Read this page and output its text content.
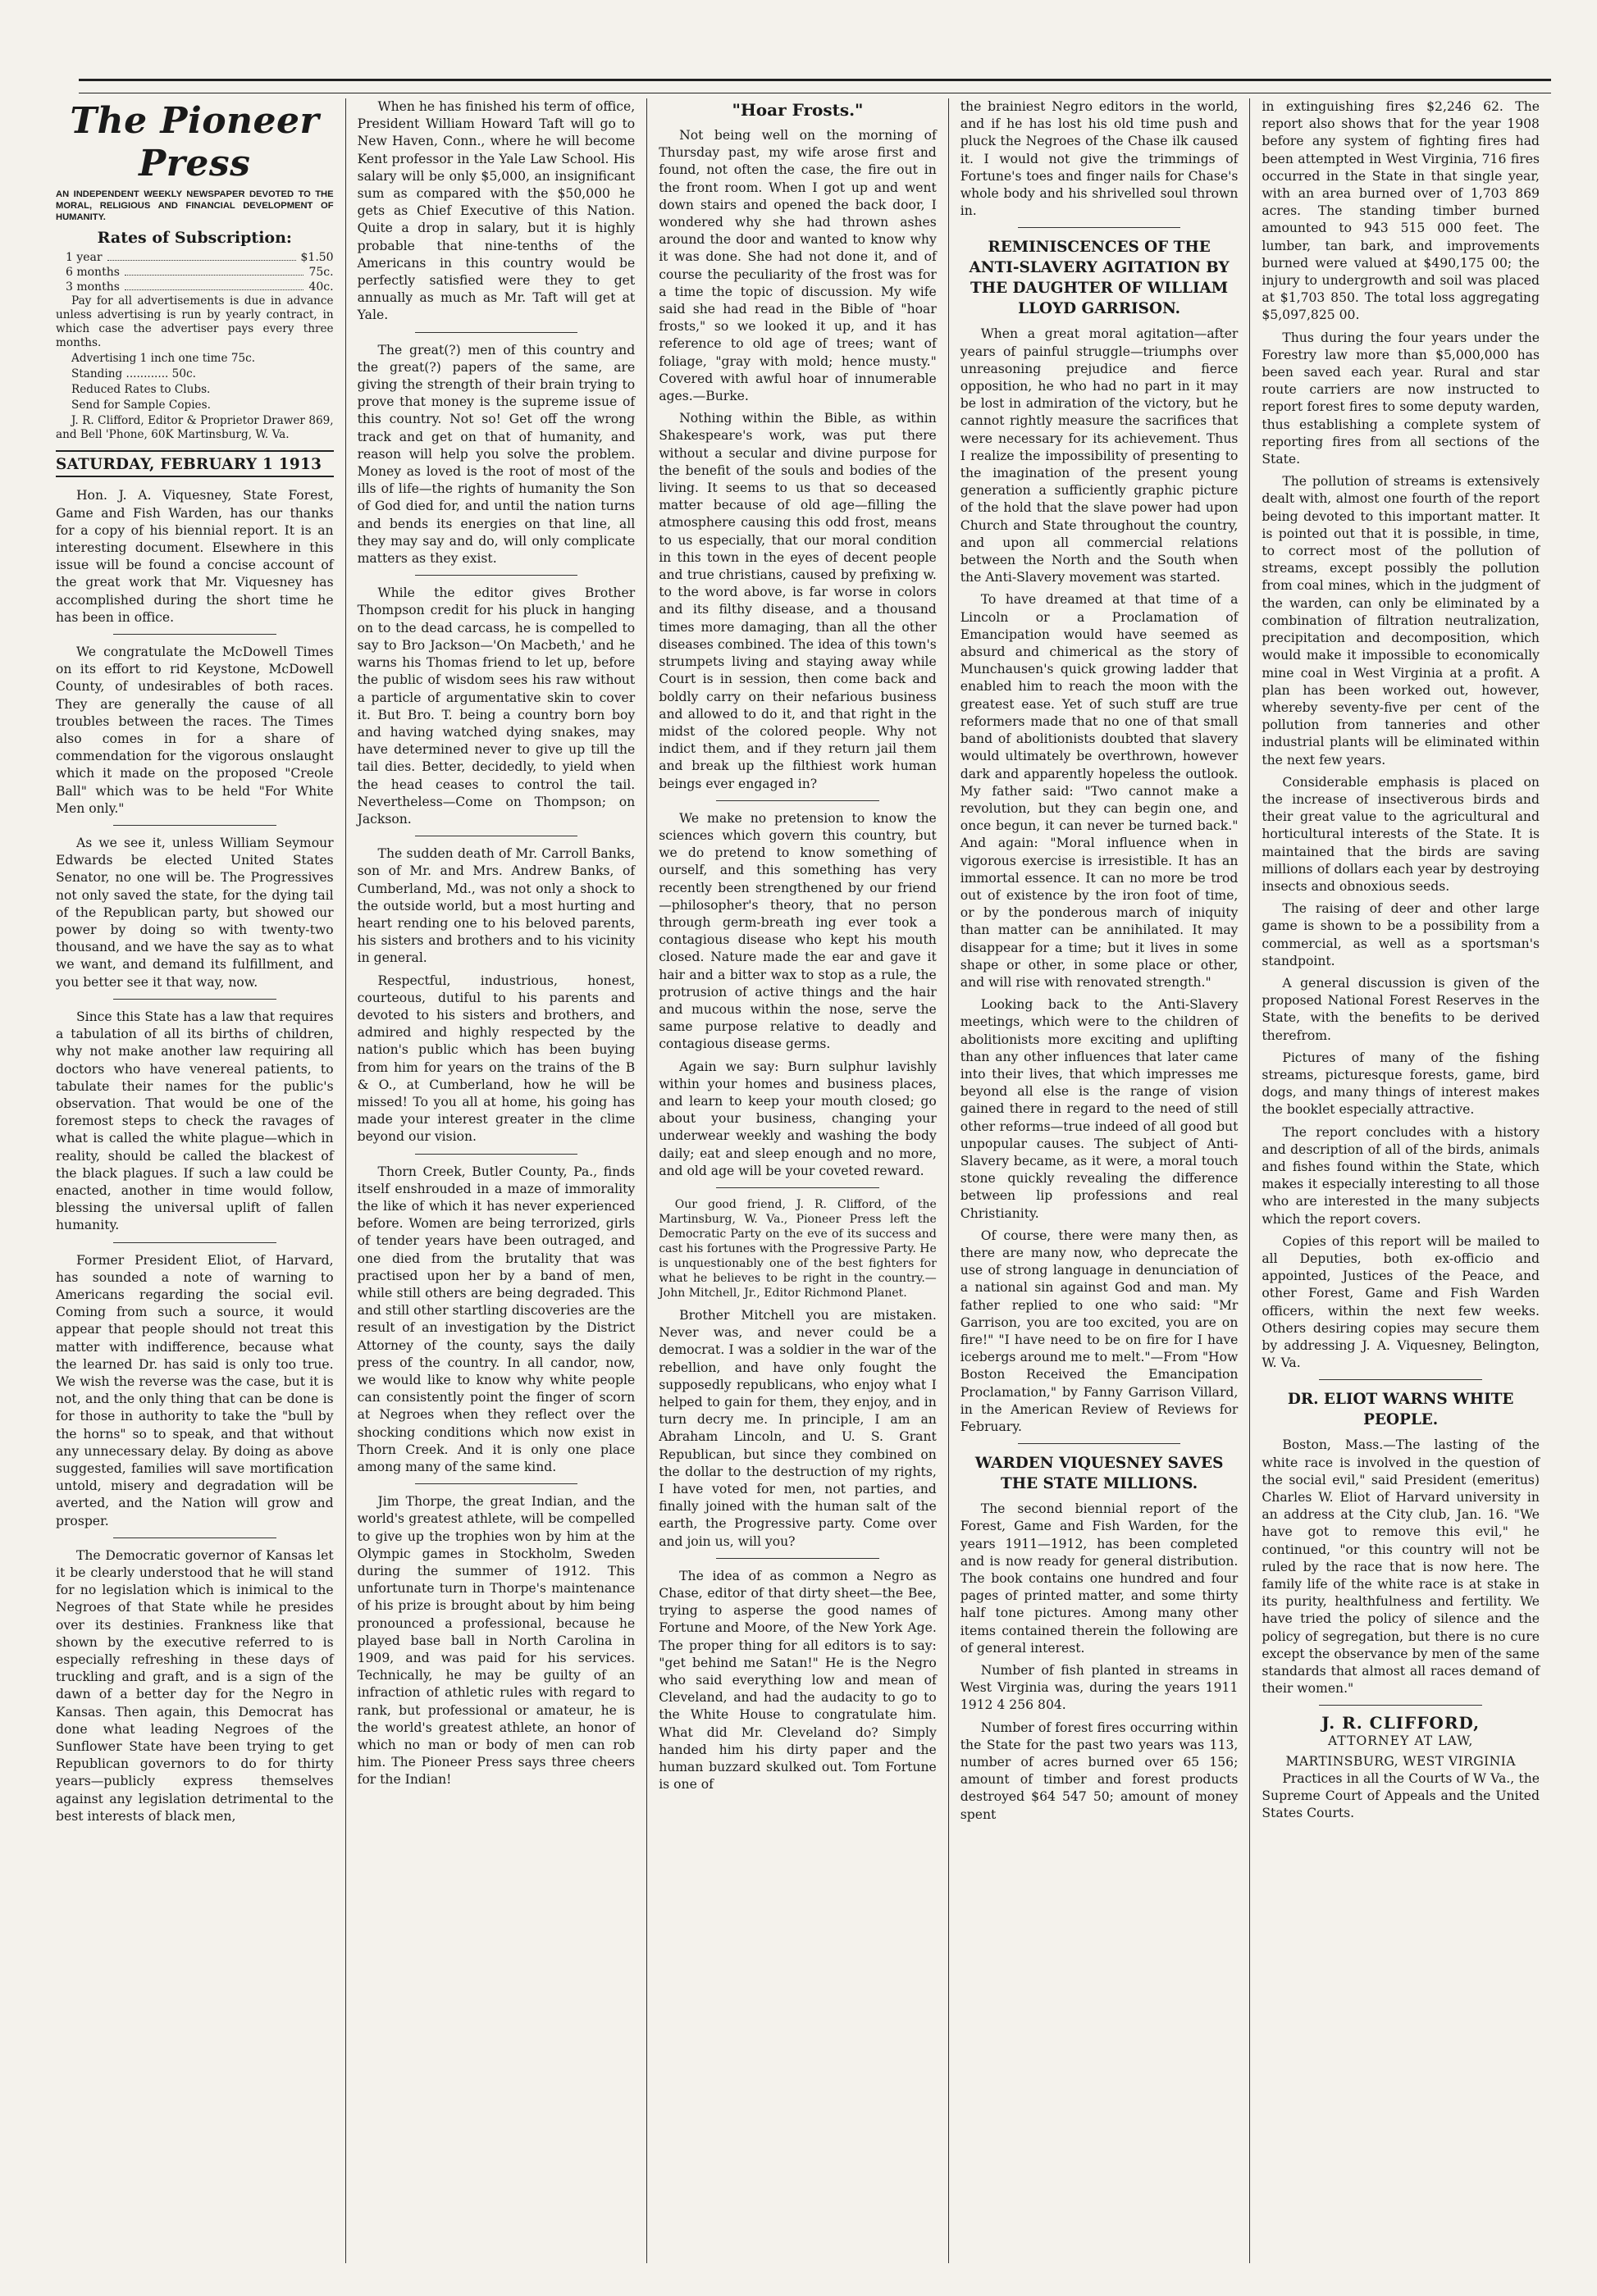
The Pioneer Press
AN INDEPENDENT WEEKLY NEWSPAPER DEVOTED TO THE MORAL, RELIGIOUS AND FINANCIAL DEVELOPMENT OF HUMANITY.
Rates of Subscription:
1 year	$1.50
6 months	75c.
3 months	40c.

Pay for all advertisements is due in advance unless advertising is run by yearly contract, in which case the advertiser pays every three months.

Advertising 1 inch one time 75c.

Standing ............ 50c.

Reduced Rates to Clubs.

Send for Sample Copies.

J. R. Clifford, Editor & Proprietor Drawer 869, and Bell 'Phone, 60K Martinsburg, W. Va.

SATURDAY, FEBRUARY 1 1913

Hon. J. A. Viquesney, State Forest, Game and Fish Warden, has our thanks for a copy of his biennial report. It is an interesting document. Elsewhere in this issue will be found a concise account of the great work that Mr. Viquesney has accomplished during the short time he has been in office.

We congratulate the McDowell Times on its effort to rid Keystone, McDowell County, of undesirables of both races. They are generally the cause of all troubles between the races. The Times also comes in for a share of commendation for the vigorous onslaught which it made on the proposed "Creole Ball" which was to be held "For White Men only."

As we see it, unless William Seymour Edwards be elected United States Senator, no one will be. The Progressives not only saved the state, for the dying tail of the Republican party, but showed our power by doing so with twenty-two thousand, and we have the say as to what we want, and demand its fulfillment, and you better see it that way, now.

Since this State has a law that requires a tabulation of all its births of children, why not make another law requiring all doctors who have venereal patients, to tabulate their names for the public's observation. That would be one of the foremost steps to check the ravages of what is called the white plague—which in reality, should be called the blackest of the black plagues. If such a law could be enacted, another in time would follow, blessing the universal uplift of fallen humanity.

Former President Eliot, of Harvard, has sounded a note of warning to Americans regarding the social evil. Coming from such a source, it would appear that people should not treat this matter with indifference, because what the learned Dr. has said is only too true. We wish the reverse was the case, but it is not, and the only thing that can be done is for those in authority to take the "bull by the horns" so to speak, and that without any unnecessary delay. By doing as above suggested, families will save mortification untold, misery and degradation will be averted, and the Nation will grow and prosper.

The Democratic governor of Kansas let it be clearly understood that he will stand for no legislation which is inimical to the Negroes of that State while he presides over its destinies. Frankness like that shown by the executive referred to is especially refreshing in these days of truckling and graft, and is a sign of the dawn of a better day for the Negro in Kansas. Then again, this Democrat has done what leading Negroes of the Sunflower State have been trying to get Republican governors to do for thirty years—publicly express themselves against any legislation detrimental to the best interests of black men,

When he has finished his term of office, President William Howard Taft will go to New Haven, Conn., where he will become Kent professor in the Yale Law School. His salary will be only $5,000, an insignificant sum as compared with the $50,000 he gets as Chief Executive of this Nation. Quite a drop in salary, but it is highly probable that nine-tenths of the Americans in this country would be perfectly satisfied were they to get annually as much as Mr. Taft will get at Yale.

The great(?) men of this country and the great(?) papers of the same, are giving the strength of their brain trying to prove that money is the supreme issue of this country. Not so! Get off the wrong track and get on that of humanity, and reason will help you solve the problem. Money as loved is the root of most of the ills of life—the rights of humanity the Son of God died for, and until the nation turns and bends its energies on that line, all they may say and do, will only complicate matters as they exist.

While the editor gives Brother Thompson credit for his pluck in hanging on to the dead carcass, he is compelled to say to Bro Jackson—'On Macbeth,' and he warns his Thomas friend to let up, before the public of wisdom sees his raw without a particle of argumentative skin to cover it. But Bro. T. being a country born boy and having watched dying snakes, may have determined never to give up till the tail dies. Better, decidedly, to yield when the head ceases to control the tail. Nevertheless—Come on Thompson; on Jackson.

The sudden death of Mr. Carroll Banks, son of Mr. and Mrs. Andrew Banks, of Cumberland, Md., was not only a shock to the outside world, but a most hurting and heart rending one to his beloved parents, his sisters and brothers and to his vicinity in general.

Respectful, industrious, honest, courteous, dutiful to his parents and devoted to his sisters and brothers, and admired and highly respected by the nation's public which has been buying from him for years on the trains of the B & O., at Cumberland, how he will be missed! To you all at home, his going has made your interest greater in the clime beyond our vision.

Thorn Creek, Butler County, Pa., finds itself enshrouded in a maze of immorality the like of which it has never experienced before. Women are being terrorized, girls of tender years have been outraged, and one died from the brutality that was practised upon her by a band of men, while still others are being degraded. This and still other startling discoveries are the result of an investigation by the District Attorney of the county, says the daily press of the country. In all candor, now, we would like to know why white people can consistently point the finger of scorn at Negroes when they reflect over the shocking conditions which now exist in Thorn Creek. And it is only one place among many of the same kind.

Jim Thorpe, the great Indian, and the world's greatest athlete, will be compelled to give up the trophies won by him at the Olympic games in Stockholm, Sweden during the summer of 1912. This unfortunate turn in Thorpe's maintenance of his prize is brought about by him being pronounced a professional, because he played base ball in North Carolina in 1909, and was paid for his services. Technically, he may be guilty of an infraction of athletic rules with regard to rank, but professional or amateur, he is the world's greatest athlete, an honor of which no man or body of men can rob him. The Pioneer Press says three cheers for the Indian!

"Hoar Frosts."

Not being well on the morning of Thursday past, my wife arose first and found, not often the case, the fire out in the front room. When I got up and went down stairs and opened the back door, I wondered why she had thrown ashes around the door and wanted to know why it was done. She had not done it, and of course the peculiarity of the frost was for a time the topic of discussion. My wife said she had read in the Bible of "hoar frosts," so we looked it up, and it has reference to old age of trees; want of foliage, "gray with mold; hence musty." Covered with awful hoar of innumerable ages.—Burke.

Nothing within the Bible, as within Shakespeare's work, was put there without a secular and divine purpose for the benefit of the souls and bodies of the living. It seems to us that so deceased matter because of old age—filling the atmosphere causing this odd frost, means to us especially, that our moral condition in this town in the eyes of decent people and true christians, caused by prefixing w. to the word above, is far worse in colors and its filthy disease, and a thousand times more damaging, than all the other diseases combined. The idea of this town's strumpets living and staying away while Court is in session, then come back and boldly carry on their nefarious business and allowed to do it, and that right in the midst of the colored people. Why not indict them, and if they return jail them and break up the filthiest work human beings ever engaged in?

We make no pretension to know the sciences which govern this country, but we do pretend to know something of ourself, and this something has very recently been strengthened by our friend—philosopher's theory, that no person through germ-breath ing ever took a contagious disease who kept his mouth closed. Nature made the ear and gave it hair and a bitter wax to stop as a rule, the protrusion of active things and the hair and mucous within the nose, serve the same purpose relative to deadly and contagious disease germs.

Again we say: Burn sulphur lavishly within your homes and business places, and learn to keep your mouth closed; go about your business, changing your underwear weekly and washing the body daily; eat and sleep enough and no more, and old age will be your coveted reward.

Our good friend, J. R. Clifford, of the Martinsburg, W. Va., Pioneer Press left the Democratic Party on the eve of its success and cast his fortunes with the Progressive Party. He is unquestionably one of the best fighters for what he believes to be right in the country.—John Mitchell, Jr., Editor Richmond Planet.

Brother Mitchell you are mistaken. Never was, and never could be a democrat. I was a soldier in the war of the rebellion, and have only fought the supposedly republicans, who enjoy what I helped to gain for them, they enjoy, and in turn decry me. In principle, I am an Abraham Lincoln, and U. S. Grant Republican, but since they combined on the dollar to the destruction of my rights, I have voted for men, not parties, and finally joined with the human salt of the earth, the Progressive party. Come over and join us, will you?

The idea of as common a Negro as Chase, editor of that dirty sheet—the Bee, trying to asperse the good names of Fortune and Moore, of the New York Age. The proper thing for all editors is to say: "get behind me Satan!" He is the Negro who said everything low and mean of Cleveland, and had the audacity to go to the White House to congratulate him. What did Mr. Cleveland do? Simply handed him his dirty paper and the human buzzard skulked out. Tom Fortune is one of

the brainiest Negro editors in the world, and if he has lost his old time push and pluck the Negroes of the Chase ilk caused it. I would not give the trimmings of Fortune's toes and finger nails for Chase's whole body and his shrivelled soul thrown in.

REMINISCENCES OF THE ANTI-SLAVERY AGITATION BY THE DAUGHTER OF WILLIAM LLOYD GARRISON.

When a great moral agitation—after years of painful struggle—triumphs over unreasoning prejudice and fierce opposition, he who had no part in it may be lost in admiration of the victory, but he cannot rightly measure the sacrifices that were necessary for its achievement. Thus I realize the impossibility of presenting to the imagination of the present young generation a sufficiently graphic picture of the hold that the slave power had upon Church and State throughout the country, and upon all commercial relations between the North and the South when the Anti-Slavery movement was started.

To have dreamed at that time of a Lincoln or a Proclamation of Emancipation would have seemed as absurd and chimerical as the story of Munchausen's quick growing ladder that enabled him to reach the moon with the greatest ease. Yet of such stuff are true reformers made that no one of that small band of abolitionists doubted that slavery would ultimately be overthrown, however dark and apparently hopeless the outlook. My father said: "Two cannot make a revolution, but they can begin one, and once begun, it can never be turned back." And again: "Moral influence when in vigorous exercise is irresistible. It has an immortal essence. It can no more be trod out of existence by the iron foot of time, or by the ponderous march of iniquity than matter can be annihilated. It may disappear for a time; but it lives in some shape or other, in some place or other, and will rise with renovated strength."

Looking back to the Anti-Slavery meetings, which were to the children of abolitionists more exciting and uplifting than any other influences that later came into their lives, that which impresses me beyond all else is the range of vision gained there in regard to the need of still other reforms—true indeed of all good but unpopular causes. The subject of Anti-Slavery became, as it were, a moral touch stone quickly revealing the difference between lip professions and real Christianity.

Of course, there were many then, as there are many now, who deprecate the use of strong language in denunciation of a national sin against God and man. My father replied to one who said: "Mr Garrison, you are too excited, you are on fire!" "I have need to be on fire for I have icebergs around me to melt."—From "How Boston Received the Emancipation Proclamation," by Fanny Garrison Villard, in the American Review of Reviews for February.

WARDEN VIQUESNEY SAVES THE STATE MILLIONS.

The second biennial report of the Forest, Game and Fish Warden, for the years 1911—1912, has been completed and is now ready for general distribution. The book contains one hundred and four pages of printed matter, and some thirty half tone pictures. Among many other items contained therein the following are of general interest.

Number of fish planted in streams in West Virginia was, during the years 1911 1912 4 256 804.

Number of forest fires occurring within the State for the past two years was 113, number of acres burned over 65 156; amount of timber and forest products destroyed $64 547 50; amount of money spent

in extinguishing fires $2,246 62. The report also shows that for the year 1908 before any system of fighting fires had been attempted in West Virginia, 716 fires occurred in the State in that single year, with an area burned over of 1,703 869 acres. The standing timber burned amounted to 943 515 000 feet. The lumber, tan bark, and improvements burned were valued at $490,175 00; the injury to undergrowth and soil was placed at $1,703 850. The total loss aggregating $5,097,825 00.

Thus during the four years under the Forestry law more than $5,000,000 has been saved each year. Rural and star route carriers are now instructed to report forest fires to some deputy warden, thus establishing a complete system of reporting fires from all sections of the State.

The pollution of streams is extensively dealt with, almost one fourth of the report being devoted to this important matter. It is pointed out that it is possible, in time, to correct most of the pollution of streams, except possibly the pollution from coal mines, which in the judgment of the warden, can only be eliminated by a combination of filtration neutralization, precipitation and decomposition, which would make it impossible to economically mine coal in West Virginia at a profit. A plan has been worked out, however, whereby seventy-five per cent of the pollution from tanneries and other industrial plants will be eliminated within the next few years.

Considerable emphasis is placed on the increase of insectiverous birds and their great value to the agricultural and horticultural interests of the State. It is maintained that the birds are saving millions of dollars each year by destroying insects and obnoxious seeds.

The raising of deer and other large game is shown to be a possibility from a commercial, as well as a sportsman's standpoint.

A general discussion is given of the proposed National Forest Reserves in the State, with the benefits to be derived therefrom.

Pictures of many of the fishing streams, picturesque forests, game, bird dogs, and many things of interest makes the booklet especially attractive.

The report concludes with a history and description of all of the birds, animals and fishes found within the State, which makes it especially interesting to all those who are interested in the many subjects which the report covers.

Copies of this report will be mailed to all Deputies, both ex-officio and appointed, Justices of the Peace, and other Forest, Game and Fish Warden officers, within the next few weeks. Others desiring copies may secure them by addressing J. A. Viquesney, Belington, W. Va.

DR. ELIOT WARNS WHITE PEOPLE.

Boston, Mass.—The lasting of the white race is involved in the question of the social evil," said President (emeritus) Charles W. Eliot of Harvard university in an address at the City club, Jan. 16. "We have got to remove this evil," he continued, "or this country will not be ruled by the race that is now here. The family life of the white race is at stake in its purity, healthfulness and fertility. We have tried the policy of silence and the policy of segregation, but there is no cure except the observance by men of the same standards that almost all races demand of their women."

J. R. CLIFFORD,
ATTORNEY AT LAW,
MARTINSBURG, WEST VIRGINIA

Practices in all the Courts of W Va., the Supreme Court of Appeals and the United States Courts.
